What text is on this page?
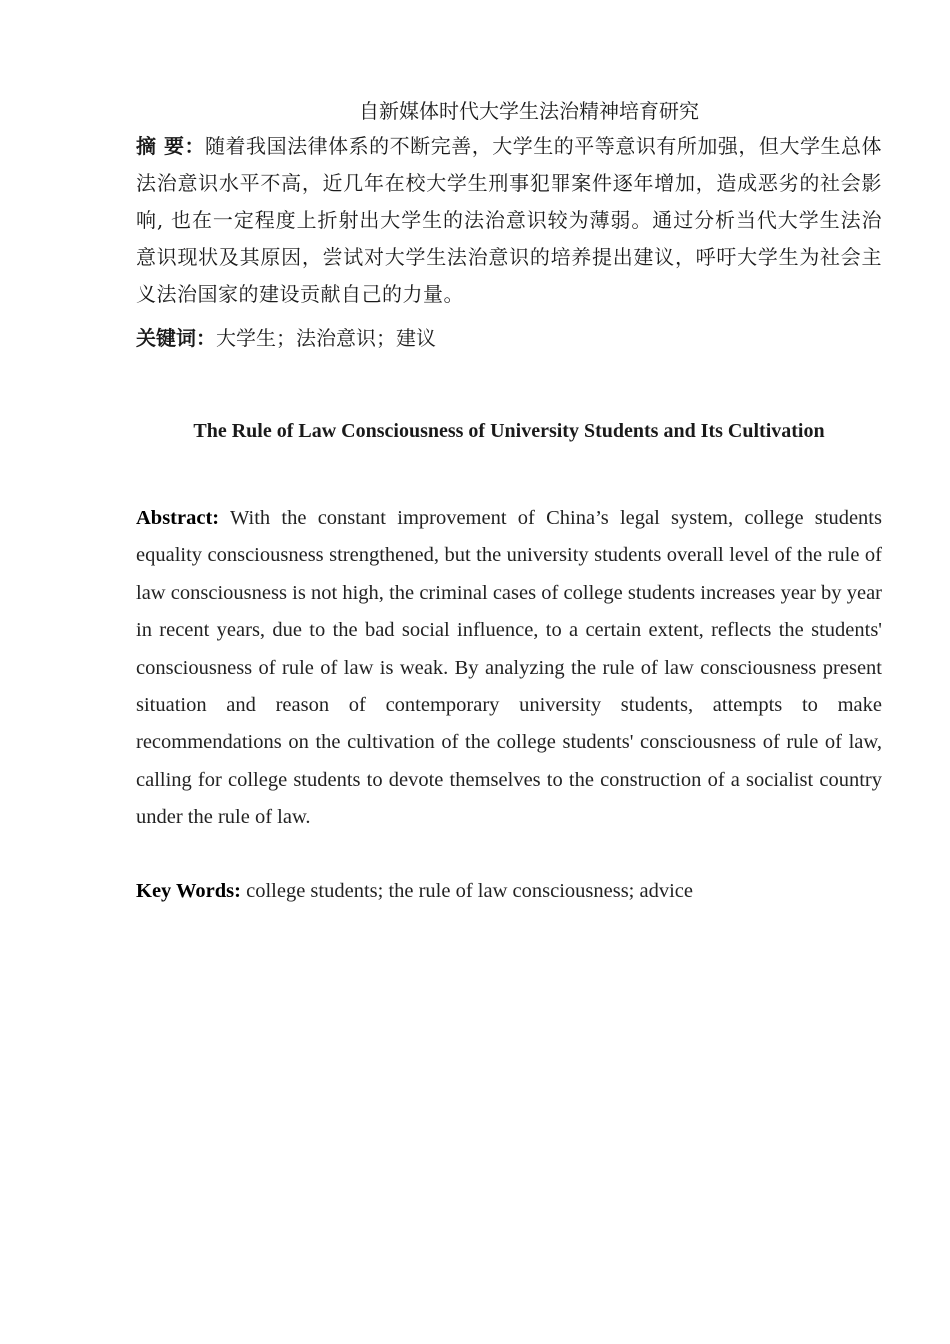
自新媒体时代大学生法治精神培育研究

摘 要：随着我国法律体系的不断完善，大学生的平等意识有所加强，但大学生总体法治意识水平不高，近几年在校大学生刑事犯罪案件逐年增加，造成恶劣的社会影响, 也在一定程度上折射出大学生的法治意识较为薄弱。通过分析当代大学生法治意识现状及其原因，尝试对大学生法治意识的培养提出建议，呼吁大学生为社会主义法治国家的建设贡献自己的力量。

关键词：大学生；法治意识；建议

The Rule of Law Consciousness of University Students and Its Cultivation

Abstract: With the constant improvement of China’s legal system, college students equality consciousness strengthened, but the university students overall level of the rule of law consciousness is not high, the criminal cases of college students increases year by year in recent years, due to the bad social influence, to a certain extent, reflects the students' consciousness of rule of law is weak. By analyzing the rule of law consciousness present situation and reason of contemporary university students, attempts to make recommendations on the cultivation of the college students' consciousness of rule of law, calling for college students to devote themselves to the construction of a socialist country under the rule of law.

Key Words: college students; the rule of law consciousness; advice
